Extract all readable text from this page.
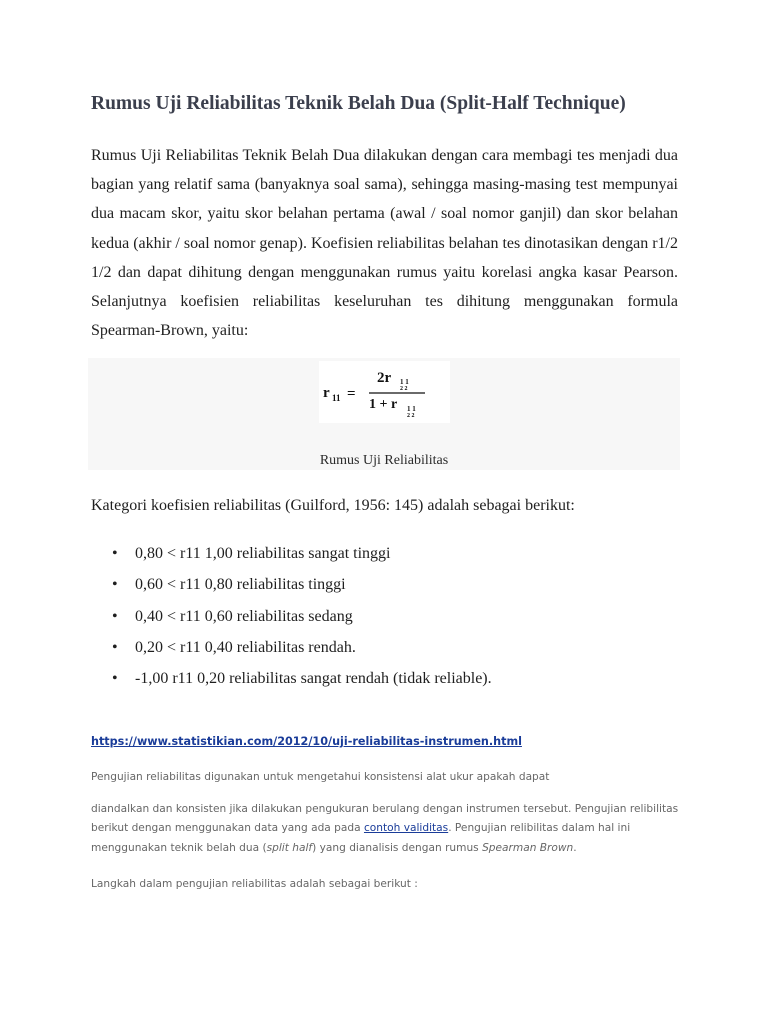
Rumus Uji Reliabilitas Teknik Belah Dua (Split-Half Technique)

Rumus Uji Reliabilitas Teknik Belah Dua dilakukan dengan cara membagi tes menjadi dua bagian yang relatif sama (banyaknya soal sama), sehingga masing-masing test mempunyai dua macam skor, yaitu skor belahan pertama (awal / soal nomor ganjil) dan skor belahan kedua (akhir / soal nomor genap). Koefisien reliabilitas belahan tes dinotasikan dengan r1/2 1/2 dan dapat dihitung dengan menggunakan rumus yaitu korelasi angka kasar Pearson. Selanjutnya koefisien reliabilitas keseluruhan tes dihitung menggunakan formula Spearman-Brown, yaitu:

r 11 =
2r 1 1
2 2
1 + r 1 1
2 2
Rumus Uji Reliabilitas

Kategori koefisien reliabilitas (Guilford, 1956: 145) adalah sebagai berikut:

• 0,80 < r11 1,00 reliabilitas sangat tinggi
• 0,60 < r11 0,80 reliabilitas tinggi
• 0,40 < r11 0,60 reliabilitas sedang
• 0,20 < r11 0,40 reliabilitas rendah.
• -1,00 r11 0,20 reliabilitas sangat rendah (tidak reliable).
https://www.statistikian.com/2012/10/uji-reliabilitas-instrumen.html

Pengujian reliabilitas digunakan untuk mengetahui konsistensi alat ukur apakah dapat

diandalkan dan konsisten jika dilakukan pengukuran berulang dengan instrumen tersebut. Pengujian relibilitas berikut dengan menggunakan data yang ada pada contoh validitas. Pengujian relibilitas dalam hal ini menggunakan teknik belah dua (split half) yang dianalisis dengan rumus Spearman Brown.

Langkah dalam pengujian reliabilitas adalah sebagai berikut :
